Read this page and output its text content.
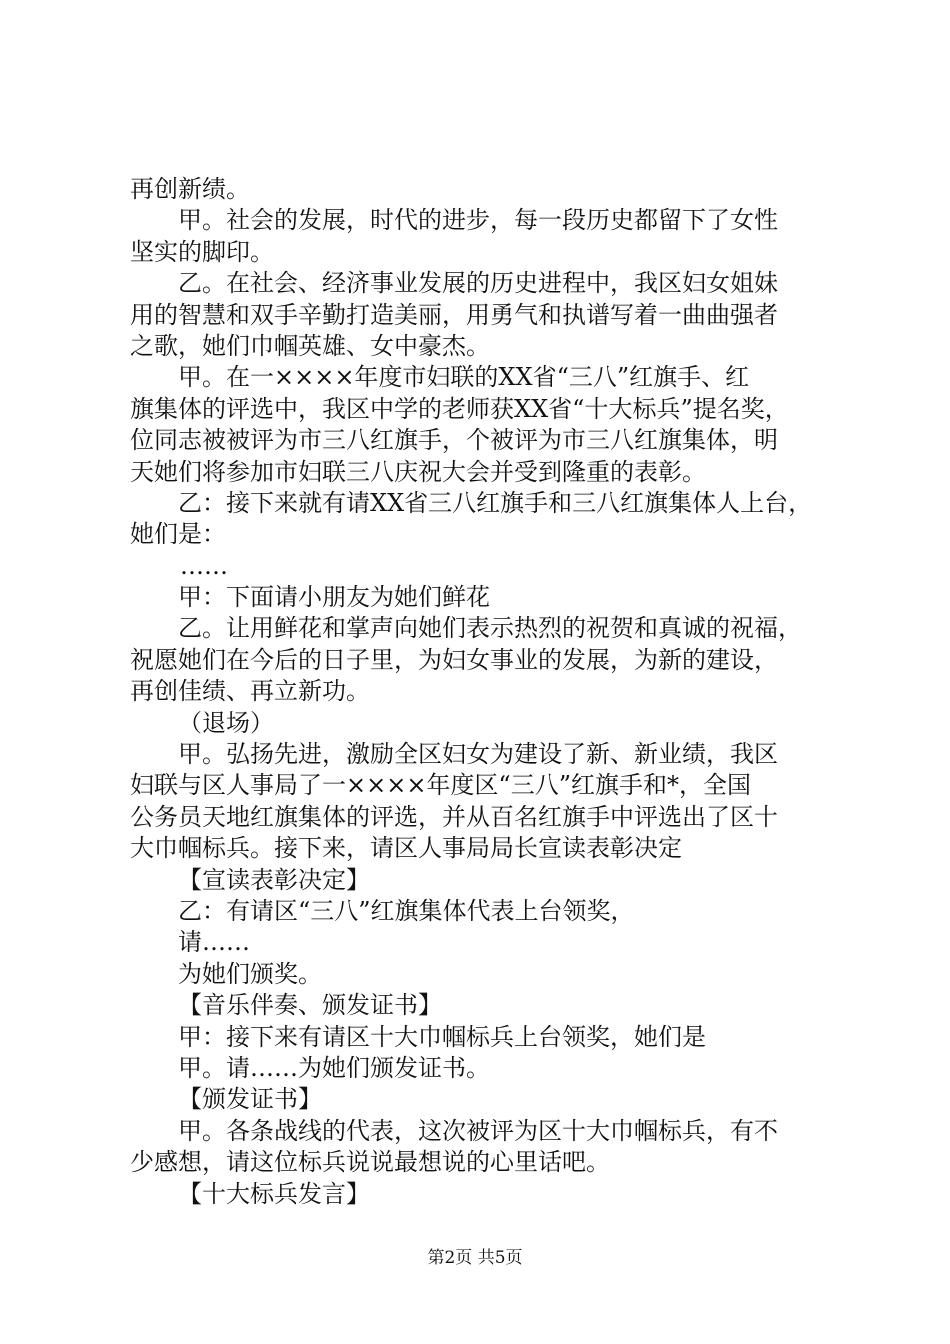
再创新绩。
甲。社会的发展，时代的进步，每一段历史都留下了女性
坚实的脚印。
乙。在社会、经济事业发展的历史进程中，我区妇女姐妹
用的智慧和双手辛勤打造美丽，用勇气和执谱写着一曲曲强者
之歌，她们巾帼英雄、女中豪杰。
甲。在一××××年度市妇联的XX省“三八”红旗手、红
旗集体的评选中，我区中学的老师获XX省“十大标兵”提名奖，
位同志被被评为市三八红旗手，个被评为市三八红旗集体，明
天她们将参加市妇联三八庆祝大会并受到隆重的表彰。
乙：接下来就有请XX省三八红旗手和三八红旗集体人上台，
她们是：
……
甲：下面请小朋友为她们鲜花
乙。让用鲜花和掌声向她们表示热烈的祝贺和真诚的祝福，
祝愿她们在今后的日子里，为妇女事业的发展，为新的建设，
再创佳绩、再立新功。
（退场）
甲。弘扬先进，激励全区妇女为建设了新、新业绩，我区
妇联与区人事局了一××××年度区“三八”红旗手和*，全国
公务员天地红旗集体的评选，并从百名红旗手中评选出了区十
大巾帼标兵。接下来，请区人事局局长宣读表彰决定
【宣读表彰决定】
乙：有请区“三八”红旗集体代表上台领奖，
请……
为她们颁奖。
【音乐伴奏、颁发证书】
甲：接下来有请区十大巾帼标兵上台领奖，她们是
甲。请……为她们颁发证书。
【颁发证书】
甲。各条战线的代表，这次被评为区十大巾帼标兵，有不
少感想，请这位标兵说说最想说的心里话吧。
【十大标兵发言】
第2页 共5页
